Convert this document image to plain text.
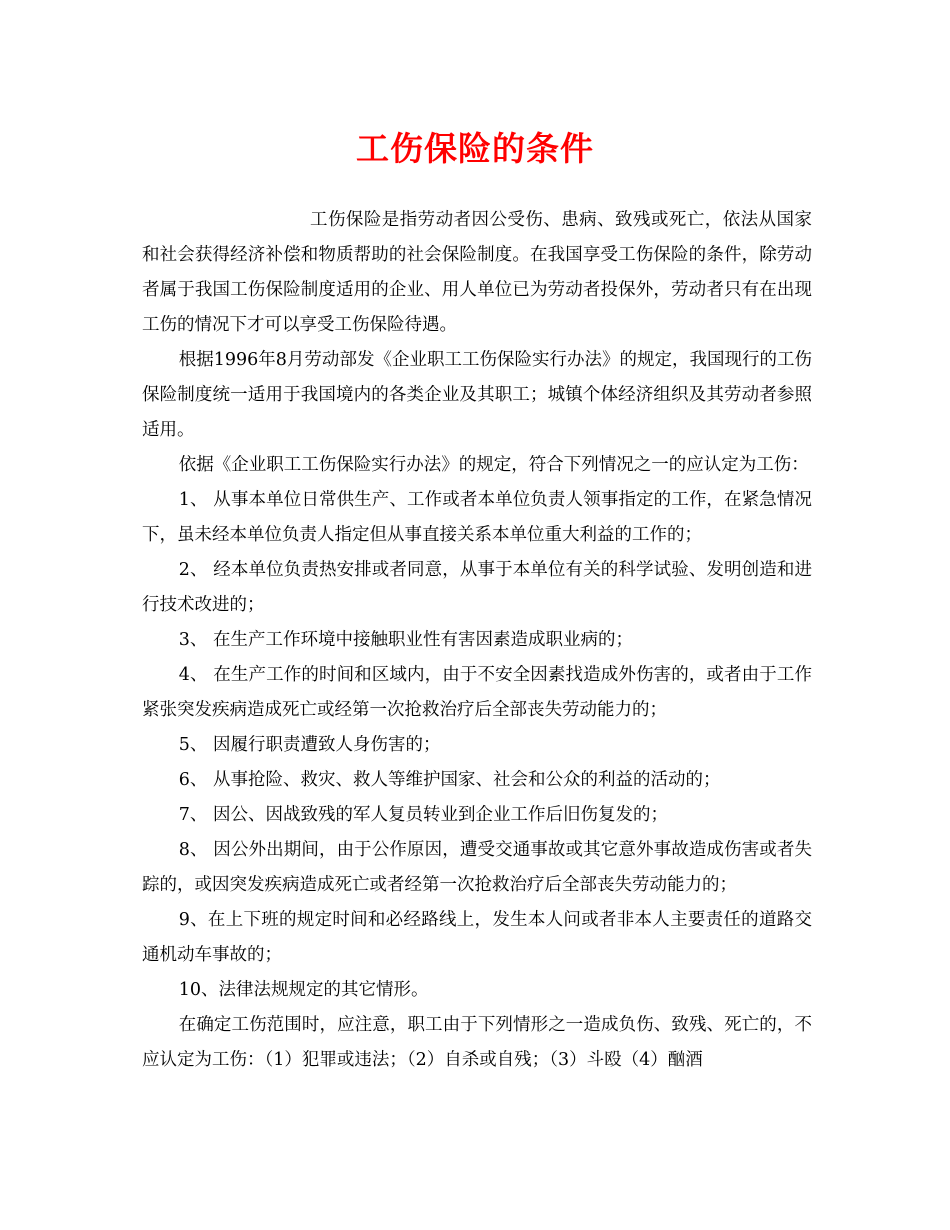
工伤保险的条件

工伤保险是指劳动者因公受伤、患病、致残或死亡，依法从国家和社会获得经济补偿和物质帮助的社会保险制度。在我国享受工伤保险的条件，除劳动者属于我国工伤保险制度适用的企业、用人单位已为劳动者投保外，劳动者只有在出现工伤的情况下才可以享受工伤保险待遇。

根据1996年8月劳动部发《企业职工工伤保险实行办法》的规定，我国现行的工伤保险制度统一适用于我国境内的各类企业及其职工；城镇个体经济组织及其劳动者参照适用。

依据《企业职工工伤保险实行办法》的规定，符合下列情况之一的应认定为工伤：

1、 从事本单位日常供生产、工作或者本单位负责人领事指定的工作，在紧急情况下，虽未经本单位负责人指定但从事直接关系本单位重大利益的工作的；

2、 经本单位负责热安排或者同意，从事于本单位有关的科学试验、发明创造和进行技术改进的；

3、 在生产工作环境中接触职业性有害因素造成职业病的；

4、 在生产工作的时间和区域内，由于不安全因素找造成外伤害的，或者由于工作紧张突发疾病造成死亡或经第一次抢救治疗后全部丧失劳动能力的；

5、 因履行职责遭致人身伤害的；

6、 从事抢险、救灾、救人等维护国家、社会和公众的利益的活动的；

7、 因公、因战致残的军人复员转业到企业工作后旧伤复发的；

8、 因公外出期间，由于公作原因，遭受交通事故或其它意外事故造成伤害或者失踪的，或因突发疾病造成死亡或者经第一次抢救治疗后全部丧失劳动能力的；

9、在上下班的规定时间和必经路线上，发生本人问或者非本人主要责任的道路交通机动车事故的；

10、法律法规规定的其它情形。

在确定工伤范围时，应注意，职工由于下列情形之一造成负伤、致残、死亡的，不应认定为工伤：（1）犯罪或违法；（2）自杀或自残；（3）斗殴（4）酗酒
